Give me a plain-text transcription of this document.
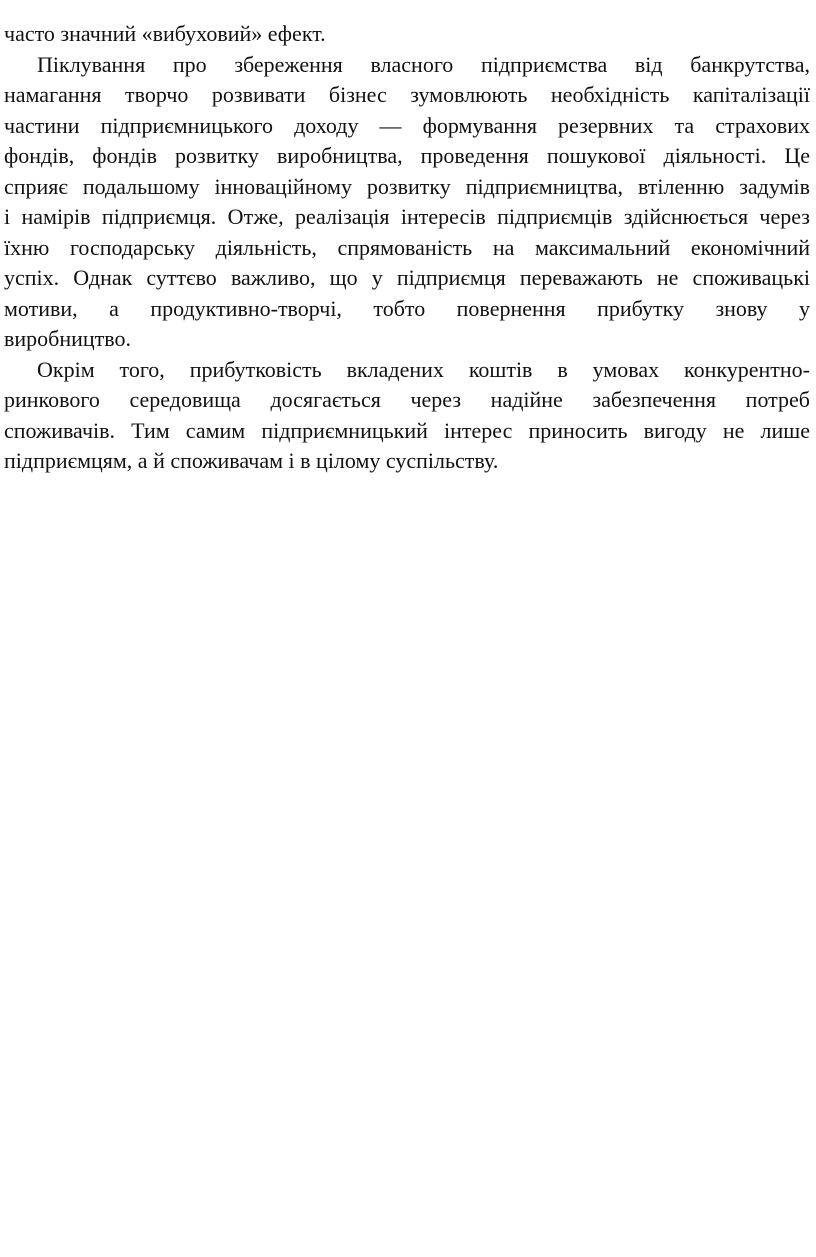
часто значний «вибуховий» ефект.
Піклування про збереження власного підприємства від банкрутства,
намагання творчо розвивати бізнес зумовлюють необхідність капіталізації
частини підприємницького доходу — формування резервних та страхових
фондів, фондів розвитку виробництва, проведення пошукової діяльності. Це
сприяє подальшому інноваційному розвитку підприємництва, втіленню задумів
і намірів підприємця. Отже, реалізація інтересів підприємців здійснюється через
їхню господарську діяльність, спрямованість на максимальний економічний
успіх. Однак суттєво важливо, що у підприємця переважають не споживацькі
мотиви, а продуктивно-творчі, тобто повернення прибутку знову у
виробництво.
Окрім того, прибутковість вкладених коштів в умовах конкурентно-
ринкового середовища досягається через надійне забезпечення потреб
споживачів. Тим самим підприємницький інтерес приносить вигоду не лише
підприємцям, а й споживачам і в цілому суспільству.
